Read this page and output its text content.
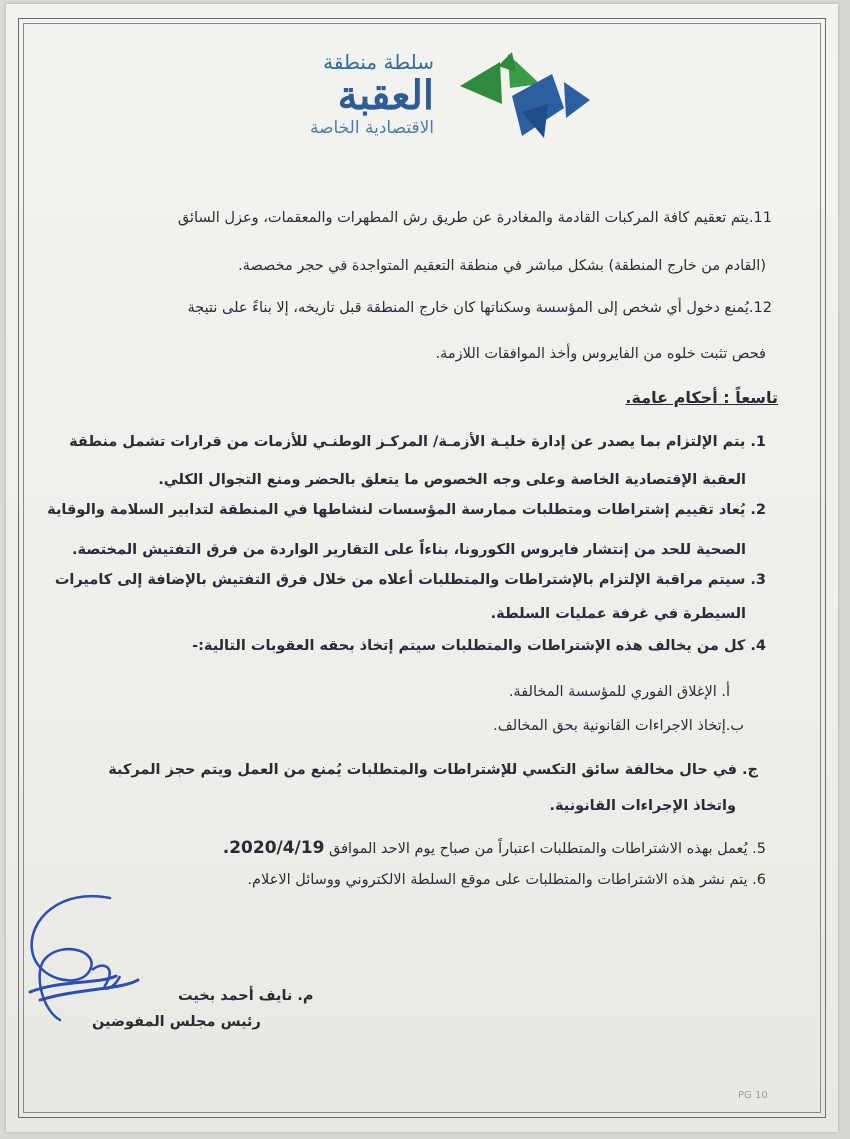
سلطة منطقة
العقبة
الاقتصادية الخاصة
11.يتم تعقيم كافة المركبات القادمة والمغادرة عن طريق رش المطهرات والمعقمات، وعزل السائق
(القادم من خارج المنطقة) بشكل مباشر في منطقة التعقيم المتواجدة في حجر مخصصة.
12.يُمنع دخول أي شخص إلى المؤسسة وسكناتها كان خارج المنطقة قبل تاريخه، إلا بناءً على نتيجة
فحص تثبت خلوه من الفايروس وأخذ الموافقات اللازمة.
تاسعاً : أحكام عامة.
1. يتم الإلتزام بما يصدر عن إدارة خليـة الأزمـة/ المركـز الوطنـي للأزمات من قرارات تشمل منطقة
العقبة الإقتصادية الخاصة وعلى وجه الخصوص ما يتعلق بالحضر ومنع التجوال الكلي.
2. يُعاد تقييم إشتراطات ومتطلبات ممارسة المؤسسات لنشاطها في المنطقة لتدابير السلامة والوقاية
الصحية للحد من إنتشار فايروس الكورونا، بناءاً على التقارير الواردة من فرق التفتيش المختصة.
3. سيتم مراقبة الإلتزام بالإشتراطات والمتطلبات أعلاه من خلال فرق التفتيش بالإضافة إلى كاميرات
السيطرة في غرفة عمليات السلطة.
4. كل من يخالف هذه الإشتراطات والمتطلبات سيتم إتخاذ بحقه العقوبات التالية:-
أ. الإغلاق الفوري للمؤسسة المخالفة.
ب.إتخاذ الاجراءات القانونية بحق المخالف.
ج. في حال مخالفة سائق التكسي للإشتراطات والمتطلبات يُمنع من العمل ويتم حجز المركبة
واتخاذ الإجراءات القانونية.
5. يُعمل بهذه الاشتراطات والمتطلبات اعتباراً من صباح يوم الاحد الموافق 2020/4/19.
6. يتم نشر هذه الاشتراطات والمتطلبات على موقع السلطة الالكتروني ووسائل الاعلام.
م. نايف أحمد بخيت
رئيس مجلس المفوضين
PG 10
